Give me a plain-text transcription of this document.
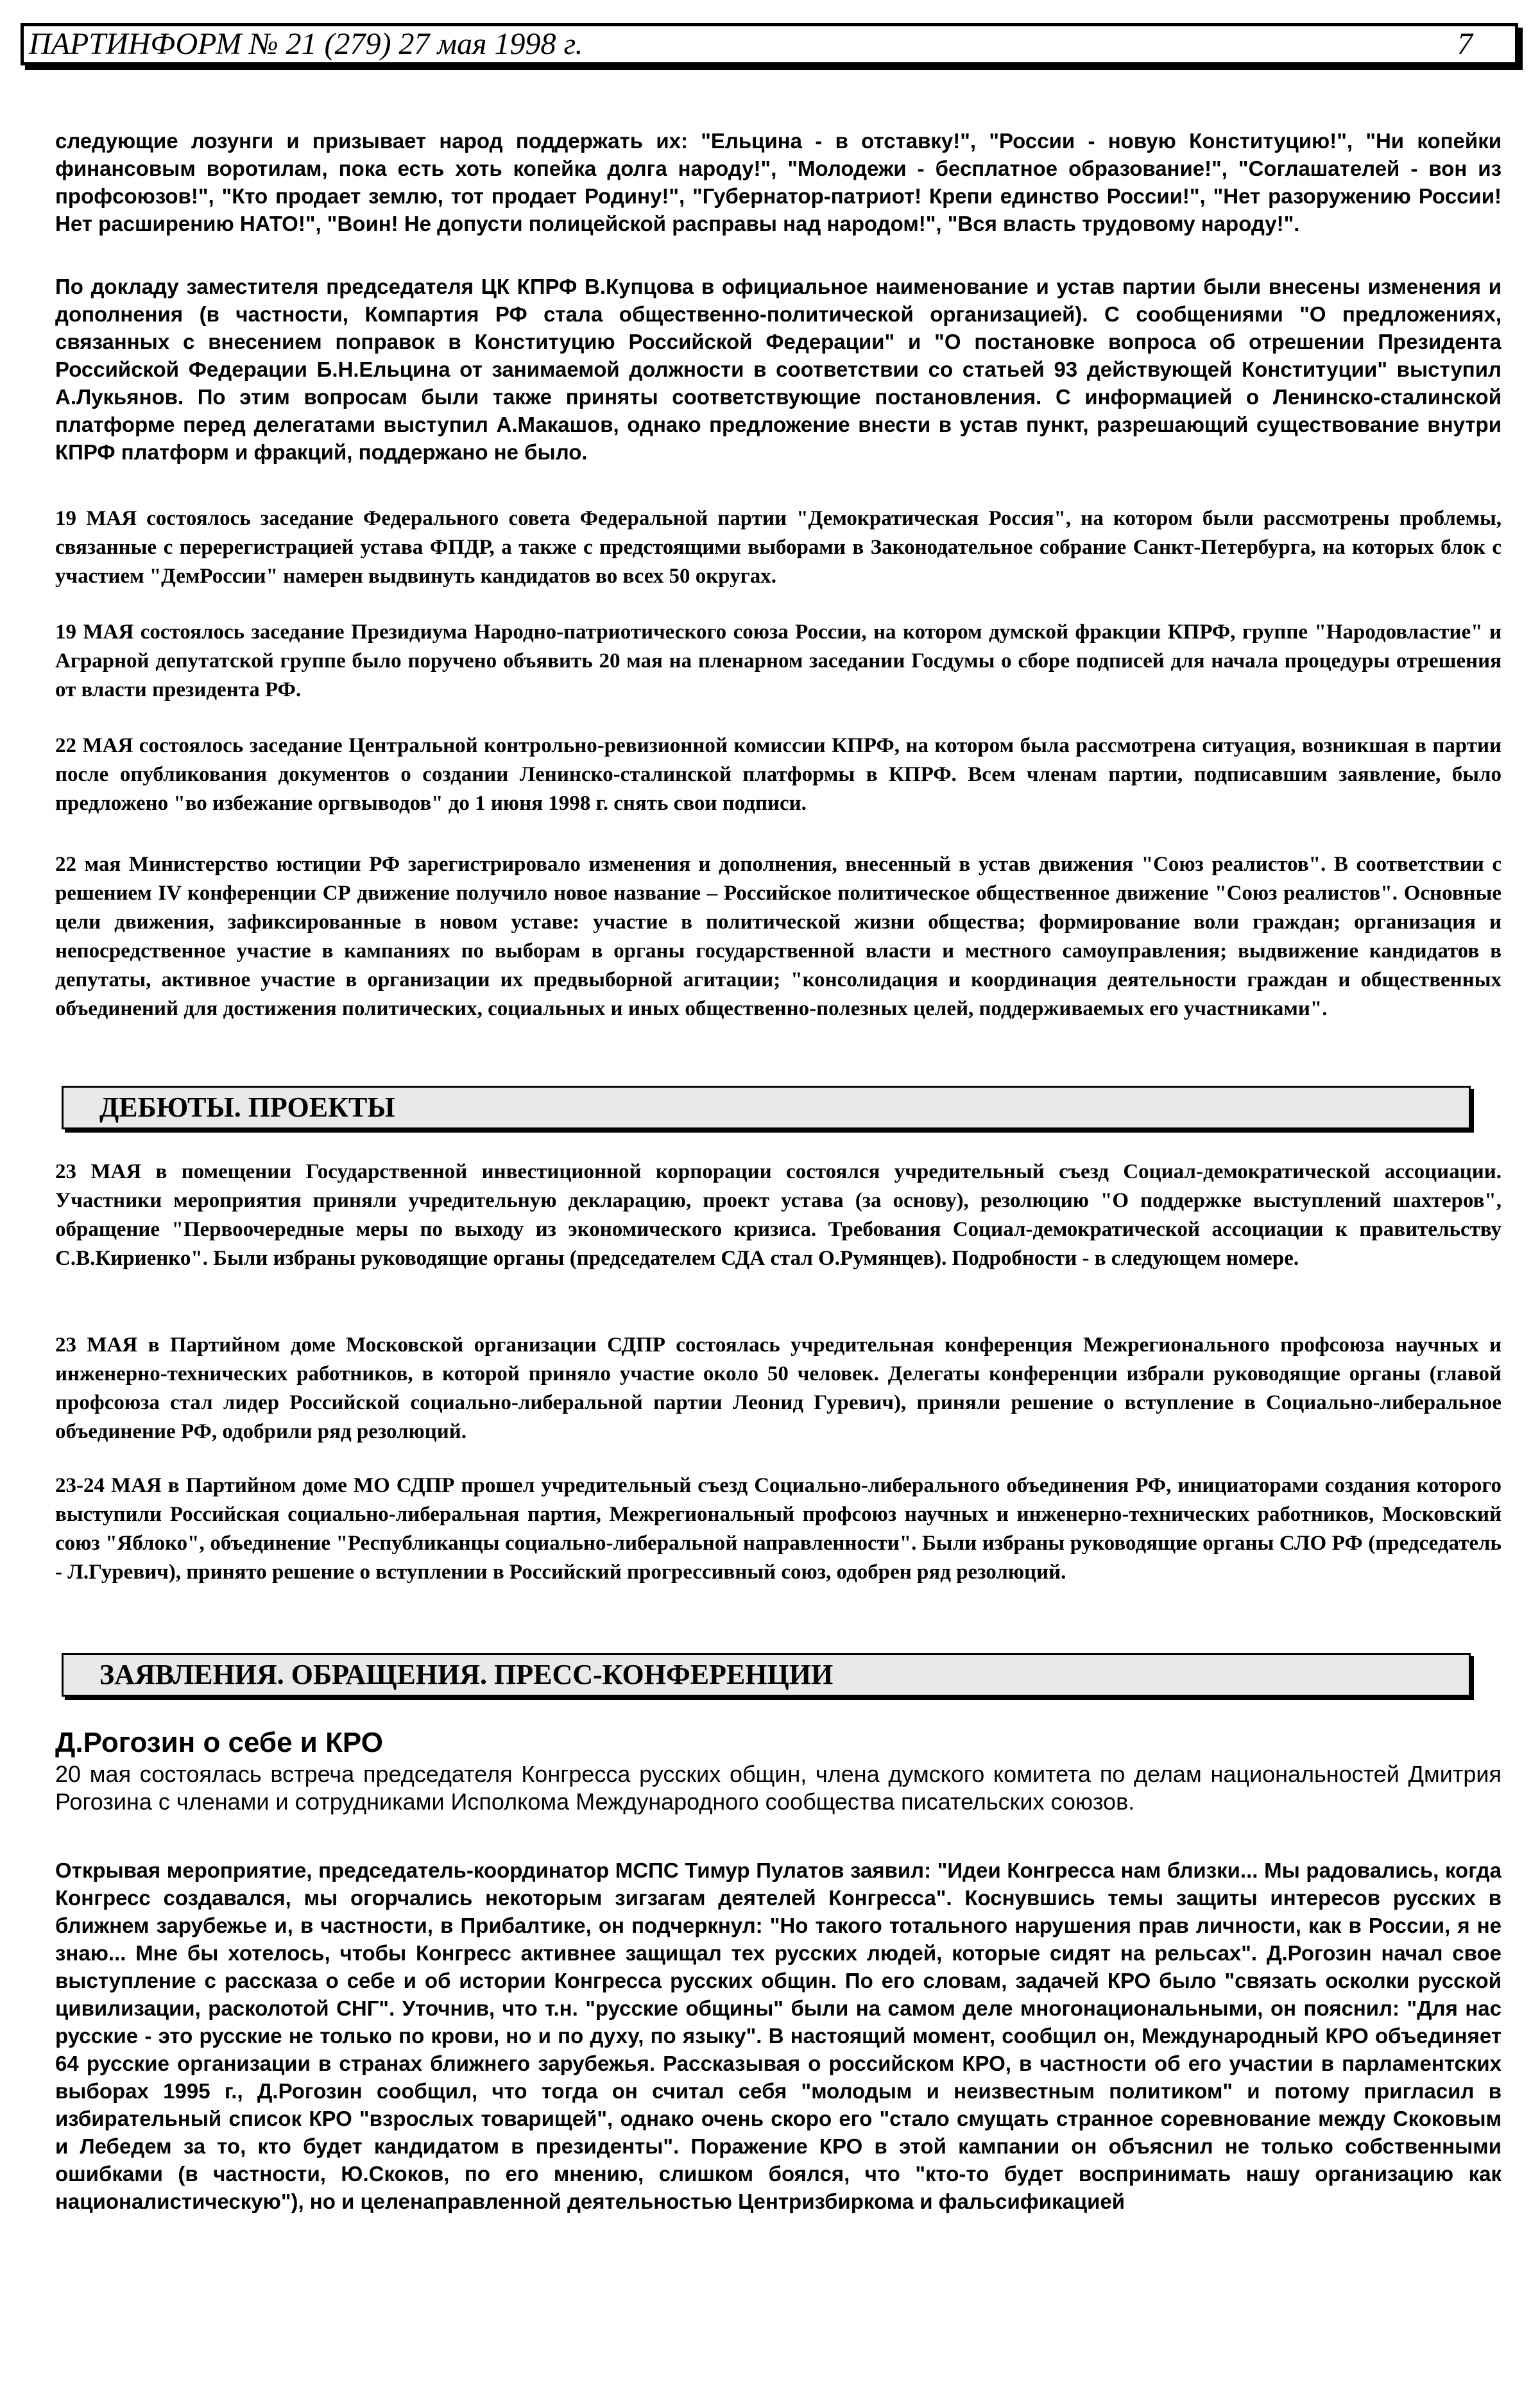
ПАРТИНФОРМ № 21 (279) 27 мая 1998 г.	7

следующие лозунги и призывает народ поддержать их: "Ельцина - в отставку!", "России - новую Конституцию!", "Ни копейки финансовым воротилам, пока есть хоть копейка долга народу!", "Молодежи - бесплатное образование!", "Соглашателей - вон из профсоюзов!", "Кто продает землю, тот продает Родину!", "Губернатор-патриот! Крепи единство России!", "Нет разоружению России! Нет расширению НАТО!", "Воин! Не допусти полицейской расправы над народом!", "Вся власть трудовому народу!".

По докладу заместителя председателя ЦК КПРФ В.Купцова в официальное наименование и устав партии были внесены изменения и дополнения (в частности, Компартия РФ стала общественно-политической организацией). С сообщениями "О предложениях, связанных с внесением поправок в Конституцию Российской Федерации" и "О постановке вопроса об отрешении Президента Российской Федерации Б.Н.Ельцина от занимаемой должности в соответствии со статьей 93 действующей Конституции" выступил А.Лукьянов. По этим вопросам были также приняты соответствующие постановления. С информацией о Ленинско-сталинской платформе перед делегатами выступил А.Макашов, однако предложение внести в устав пункт, разрешающий существование внутри КПРФ платформ и фракций, поддержано не было.

19 МАЯ состоялось заседание Федерального совета Федеральной партии "Демократическая Россия", на котором были рассмотрены проблемы, связанные с перерегистрацией устава ФПДР, а также с предстоящими выборами в Законодательное собрание Санкт-Петербурга, на которых блок с участием "ДемРоссии" намерен выдвинуть кандидатов во всех 50 округах.

19 МАЯ состоялось заседание Президиума Народно-патриотического союза России, на котором думской фракции КПРФ, группе "Народовластие" и Аграрной депутатской группе было поручено объявить 20 мая на пленарном заседании Госдумы о сборе подписей для начала процедуры отрешения от власти президента РФ.

22 МАЯ состоялось заседание Центральной контрольно-ревизионной комиссии КПРФ, на котором была рассмотрена ситуация, возникшая в партии после опубликования документов о создании Ленинско-сталинской платформы в КПРФ. Всем членам партии, подписавшим заявление, было предложено "во избежание оргвыводов" до 1 июня 1998 г. снять свои подписи.

22 мая Министерство юстиции РФ зарегистрировало изменения и дополнения, внесенный в устав движения "Союз реалистов". В соответствии с решением IV конференции СР движение получило новое название – Российское политическое общественное движение "Союз реалистов". Основные цели движения, зафиксированные в новом уставе: участие в политической жизни общества; формирование воли граждан; организация и непосредственное участие в кампаниях по выборам в органы государственной власти и местного самоуправления; выдвижение кандидатов в депутаты, активное участие в организации их предвыборной агитации; "консолидация и координация деятельности граждан и общественных объединений для достижения политических, социальных и иных общественно-полезных целей, поддерживаемых его участниками".

ДЕБЮТЫ. ПРОЕКТЫ

23 МАЯ в помещении Государственной инвестиционной корпорации состоялся учредительный съезд Социал-демократической ассоциации. Участники мероприятия приняли учредительную декларацию, проект устава (за основу), резолюцию "О поддержке выступлений шахтеров", обращение "Первоочередные меры по выходу из экономического кризиса. Требования Социал-демократической ассоциации к правительству С.В.Кириенко". Были избраны руководящие органы (председателем СДА стал О.Румянцев). Подробности - в следующем номере.

23 МАЯ в Партийном доме Московской организации СДПР состоялась учредительная конференция Межрегионального профсоюза научных и инженерно-технических работников, в которой приняло участие около 50 человек. Делегаты конференции избрали руководящие органы (главой профсоюза стал лидер Российской социально-либеральной партии Леонид Гуревич), приняли решение о вступление в Социально-либеральное объединение РФ, одобрили ряд резолюций.

23-24 МАЯ в Партийном доме МО СДПР прошел учредительный съезд Социально-либерального объединения РФ, инициаторами создания которого выступили Российская социально-либеральная партия, Межрегиональный профсоюз научных и инженерно-технических работников, Московский союз "Яблоко", объединение "Республиканцы социально-либеральной направленности". Были избраны руководящие органы СЛО РФ (председатель - Л.Гуревич), принято решение о вступлении в Российский прогрессивный союз, одобрен ряд резолюций.

ЗАЯВЛЕНИЯ. ОБРАЩЕНИЯ. ПРЕСС-КОНФЕРЕНЦИИ
Д.Рогозин о себе и КРО

20 мая состоялась встреча председателя Конгресса русских общин, члена думского комитета по делам национальностей Дмитрия Рогозина с членами и сотрудниками Исполкома Международного сообщества писательских союзов.

Открывая мероприятие, председатель-координатор МСПС Тимур Пулатов заявил: "Идеи Конгресса нам близки... Мы радовались, когда Конгресс создавался, мы огорчались некоторым зигзагам деятелей Конгресса". Коснувшись темы защиты интересов русских в ближнем зарубежье и, в частности, в Прибалтике, он подчеркнул: "Но такого тотального нарушения прав личности, как в России, я не знаю... Мне бы хотелось, чтобы Конгресс активнее защищал тех русских людей, которые сидят на рельсах". Д.Рогозин начал свое выступление с рассказа о себе и об истории Конгресса русских общин. По его словам, задачей КРО было "связать осколки русской цивилизации, расколотой СНГ". Уточнив, что т.н. "русские общины" были на самом деле многонациональными, он пояснил: "Для нас русские - это русские не только по крови, но и по духу, по языку". В настоящий момент, сообщил он, Международный КРО объединяет 64 русские организации в странах ближнего зарубежья. Рассказывая о российском КРО, в частности об его участии в парламентских выборах 1995 г., Д.Рогозин сообщил, что тогда он считал себя "молодым и неизвестным политиком" и потому пригласил в избирательный список КРО "взрослых товарищей", однако очень скоро его "стало смущать странное соревнование между Скоковым и Лебедем за то, кто будет кандидатом в президенты". Поражение КРО в этой кампании он объяснил не только собственными ошибками (в частности, Ю.Скоков, по его мнению, слишком боялся, что "кто-то будет воспринимать нашу организацию как националистическую"), но и целенаправленной деятельностью Центризбиркома и фальсификацией
